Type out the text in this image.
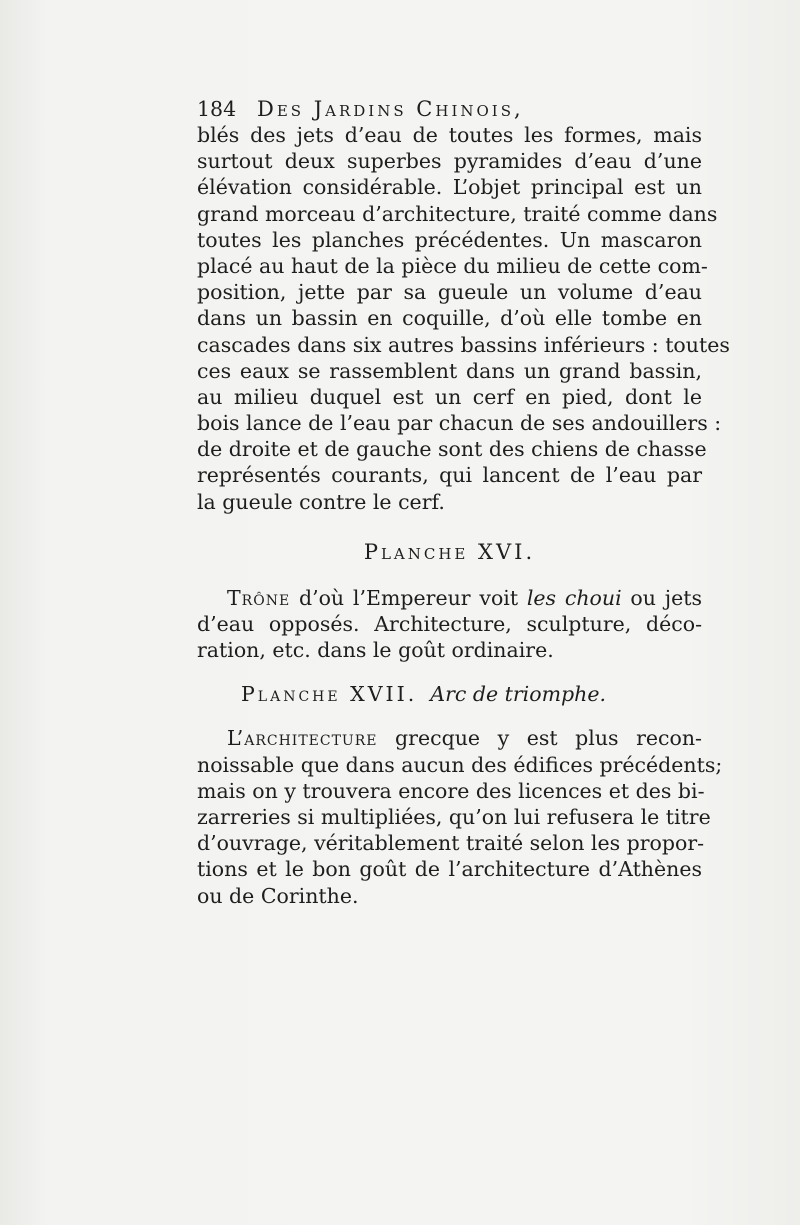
184 Des Jardins Chinois,
blés des jets d’eau de toutes les formes, mais
surtout deux superbes pyramides d’eau d’une
élévation considérable. L’objet principal est un
grand morceau d’architecture, traité comme dans
toutes les planches précédentes. Un mascaron
placé au haut de la pièce du milieu de cette com-
position, jette par sa gueule un volume d’eau
dans un bassin en coquille, d’où elle tombe en
cascades dans six autres bassins inférieurs : toutes
ces eaux se rassemblent dans un grand bassin,
au milieu duquel est un cerf en pied, dont le
bois lance de l’eau par chacun de ses andouillers :
de droite et de gauche sont des chiens de chasse
représentés courants, qui lancent de l’eau par
la gueule contre le cerf.
Planche XVI.
Trône d’où l’Empereur voit les choui ou jets
d’eau opposés. Architecture, sculpture, déco-
ration, etc. dans le goût ordinaire.
Planche XVII. Arc de triomphe.
L’architecture grecque y est plus recon-
noissable que dans aucun des édifices précédents;
mais on y trouvera encore des licences et des bi-
zarreries si multipliées, qu’on lui refusera le titre
d’ouvrage, véritablement traité selon les propor-
tions et le bon goût de l’architecture d’Athènes
ou de Corinthe.
